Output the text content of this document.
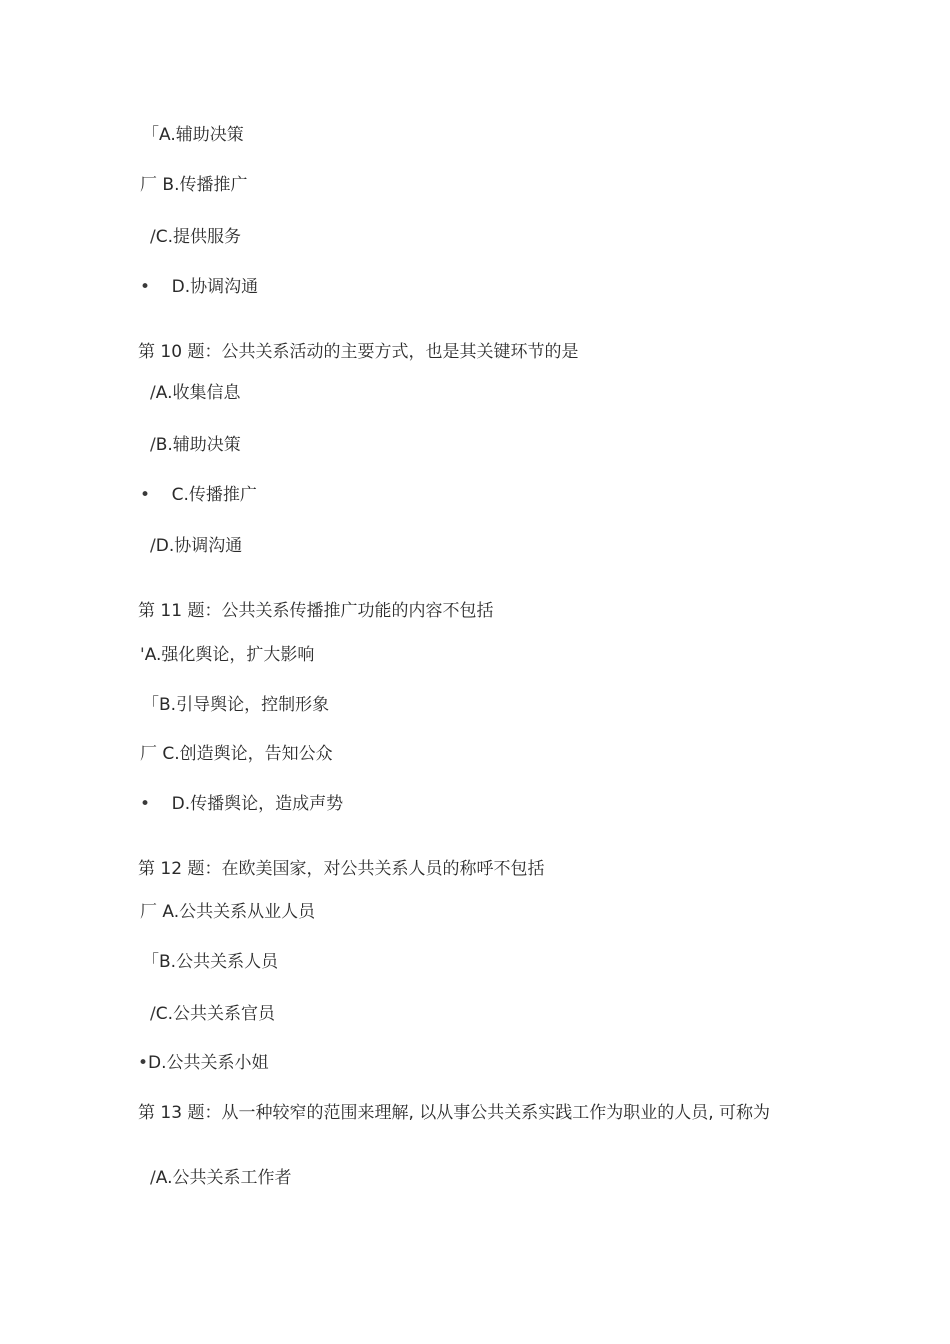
「A.辅助决策
厂 B.传播推广
/C.提供服务
• D.协调沟通
第 10 题：公共关系活动的主要方式，也是其关键环节的是
/A.收集信息
/B.辅助决策
• C.传播推广
/D.协调沟通
第 11 题：公共关系传播推广功能的内容不包括
'A.强化舆论，扩大影响
「B.引导舆论，控制形象
厂 C.创造舆论，告知公众
• D.传播舆论，造成声势
第 12 题：在欧美国家，对公共关系人员的称呼不包括
厂 A.公共关系从业人员
「B.公共关系人员
/C.公共关系官员
•D.公共关系小姐
第 13 题：从一种较窄的范围来理解, 以从事公共关系实践工作为职业的人员, 可称为
/A.公共关系工作者
